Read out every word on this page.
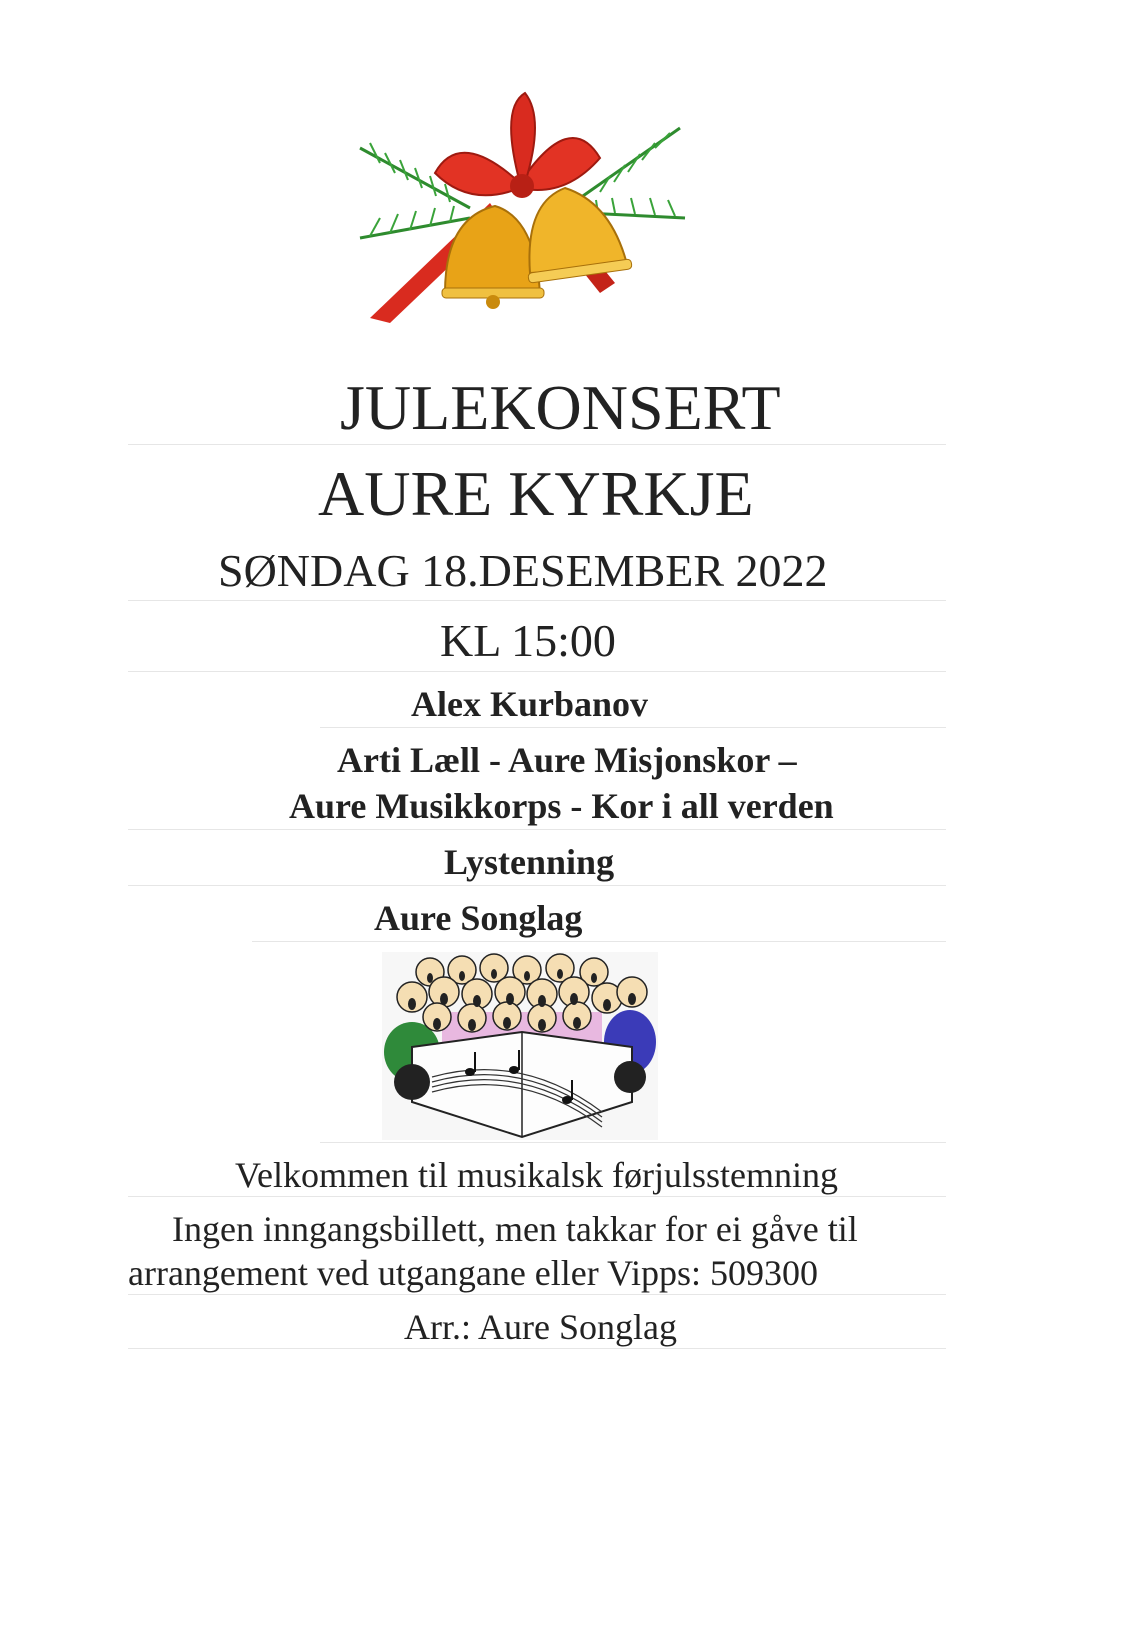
JULEKONSERT
AURE KYRKJE
SØNDAG 18.DESEMBER 2022
KL 15:00
Alex Kurbanov
Arti Læll - Aure Misjonskor –
Aure Musikkorps - Kor i all verden
Lystenning
Aure Songlag
Velkommen til musikalsk førjulsstemning
Ingen inngangsbillett, men takkar for ei gåve til
arrangement ved utgangane eller Vipps: 509300
Arr.: Aure Songlag
